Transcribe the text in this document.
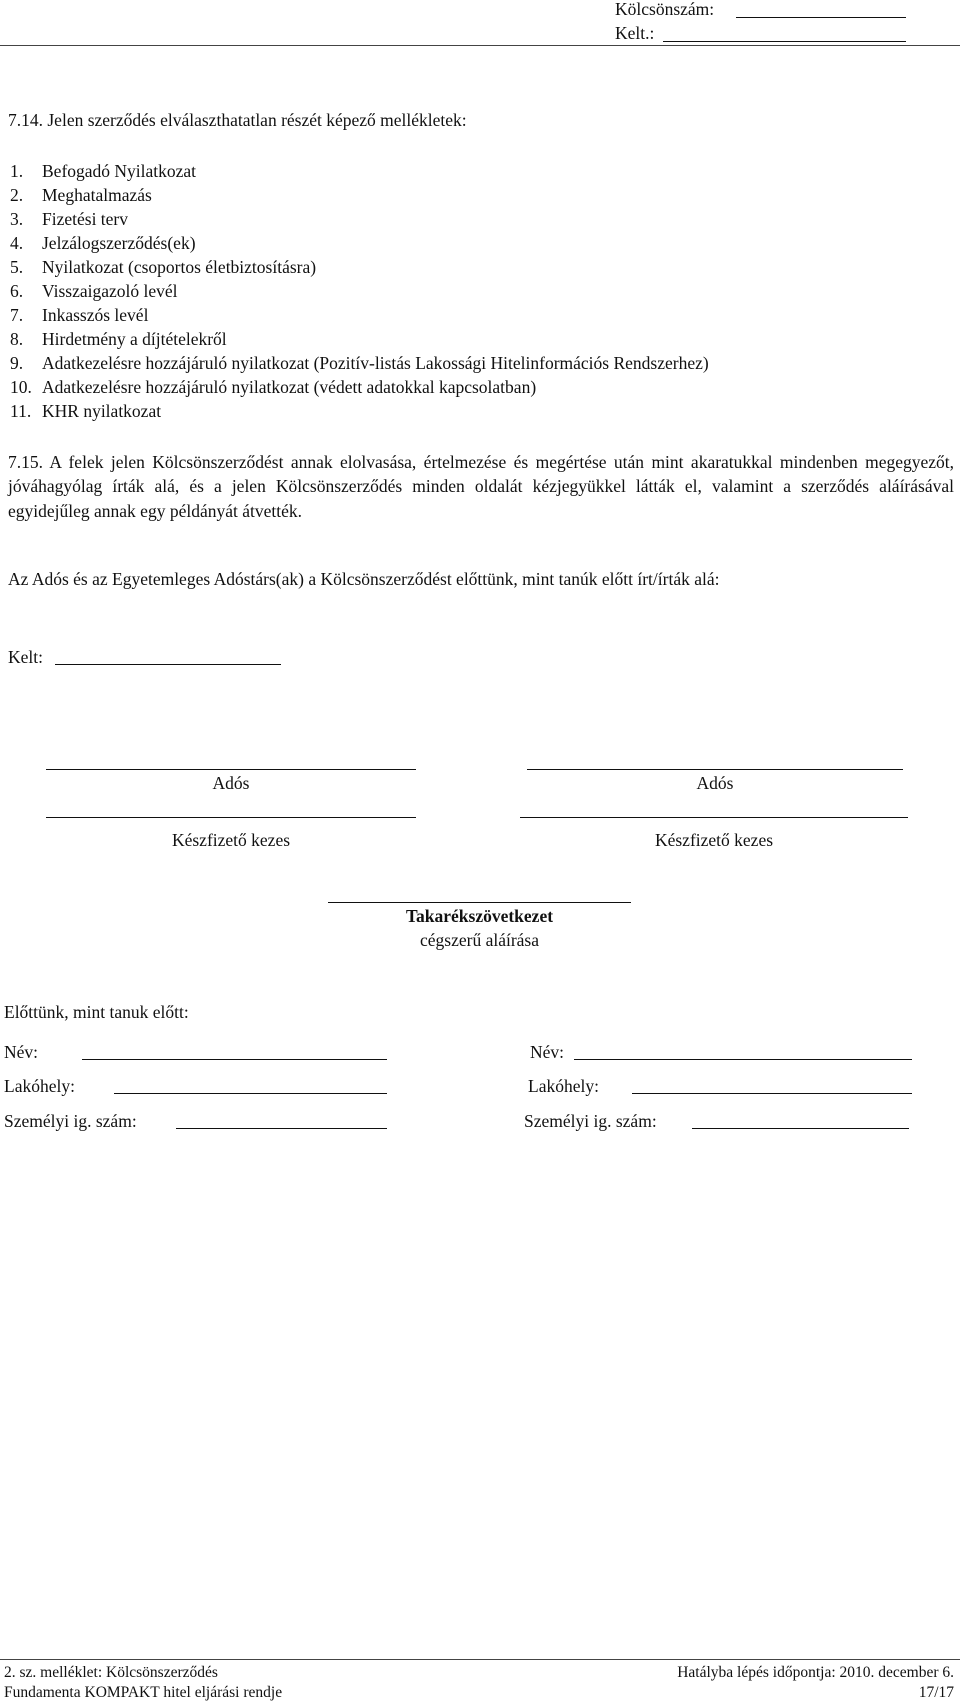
Kölcsönszám:
Kelt.:
7.14. Jelen szerződés elválaszthatatlan részét képező mellékletek:
1. Befogadó Nyilatkozat
2. Meghatalmazás
3. Fizetési terv
4. Jelzálogszerződés(ek)
5. Nyilatkozat (csoportos életbiztosításra)
6. Visszaigazoló levél
7. Inkasszós levél
8. Hirdetmény a díjtételekről
9. Adatkezelésre hozzájáruló nyilatkozat (Pozitív-listás Lakossági Hitelinformációs Rendszerhez)
10. Adatkezelésre hozzájáruló nyilatkozat (védett adatokkal kapcsolatban)
11. KHR nyilatkozat
7.15. A felek jelen Kölcsönszerződést annak elolvasása, értelmezése és megértése után mint akaratukkal mindenben megegyezőt, jóváhagyólag írták alá, és a jelen Kölcsönszerződés minden oldalát kézjegyükkel látták el, valamint a szerződés aláírásával egyidejűleg annak egy példányát átvették.
Az Adós és az Egyetemleges Adóstárs(ak) a Kölcsönszerződést előttünk, mint tanúk előtt írt/írták alá:
Kelt:
Adós	Adós
Készfizető kezes	Készfizető kezes
Takarékszövetkezet
cégszerű aláírása
Előttünk, mint tanuk előtt:
Név:	Név:
Lakóhely:	Lakóhely:
Személyi ig. szám:	Személyi ig. szám:
2. sz. melléklet: Kölcsönszerződés	Hatályba lépés időpontja: 2010. december 6.
Fundamenta KOMPAKT hitel eljárási rendje	17/17
